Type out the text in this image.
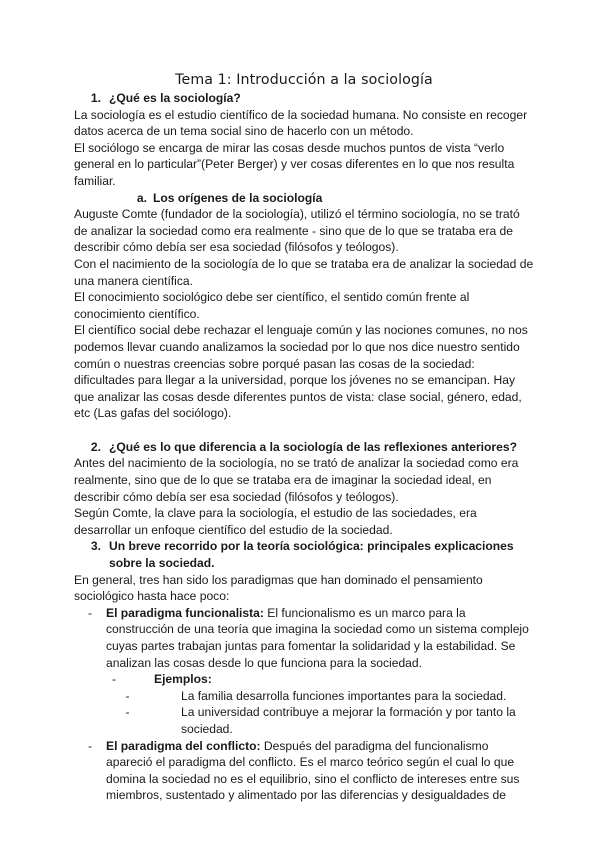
Tema 1: Introducción a la sociología
1. ¿Qué es la sociología?

La sociología es el estudio científico de la sociedad humana. No consiste en recoger datos acerca de un tema social sino de hacerlo con un método.

El sociólogo se encarga de mirar las cosas desde muchos puntos de vista “verlo general en lo particular”(Peter Berger) y ver cosas diferentes en lo que nos resulta familiar.

a. Los orígenes de la sociología

Auguste Comte (fundador de la sociología), utilizó el término sociología, no se trató de analizar la sociedad como era realmente - sino que de lo que se trataba era de describir cómo debía ser esa sociedad (filósofos y teólogos).

Con el nacimiento de la sociología de lo que se trataba era de analizar la sociedad de una manera científica.

El conocimiento sociológico debe ser científico, el sentido común frente al conocimiento científico.

El científico social debe rechazar el lenguaje común y las nociones comunes, no nos podemos llevar cuando analizamos la sociedad por lo que nos dice nuestro sentido común o nuestras creencias sobre porqué pasan las cosas de la sociedad: dificultades para llegar a la universidad, porque los jóvenes no se emancipan. Hay que analizar las cosas desde diferentes puntos de vista: clase social, género, edad, etc (Las gafas del sociólogo).

2. ¿Qué es lo que diferencia a la sociología de las reflexiones anteriores?

Antes del nacimiento de la sociología, no se trató de analizar la sociedad como era realmente, sino que de lo que se trataba era de imaginar la sociedad ideal, en describir cómo debía ser esa sociedad (filósofos y teólogos).

Según Comte, la clave para la sociología, el estudio de las sociedades, era desarrollar un enfoque científico del estudio de la sociedad.

3. Un breve recorrido por la teoría sociológica: principales explicaciones sobre la sociedad.

En general, tres han sido los paradigmas que han dominado el pensamiento sociológico hasta hace poco:

-	El paradigma funcionalista: El funcionalismo es un marco para la construcción de una teoría que imagina la sociedad como un sistema complejo cuyas partes trabajan juntas para fomentar la solidaridad y la estabilidad. Se analizan las cosas desde lo que funciona para la sociedad.
-	Ejemplos:
-	La familia desarrolla funciones importantes para la sociedad.
-	La universidad contribuye a mejorar la formación y por tanto la sociedad.
-	El paradigma del conflicto: Después del paradigma del funcionalismo apareció el paradigma del conflicto. Es el marco teórico según el cual lo que domina la sociedad no es el equilibrio, sino el conflicto de intereses entre sus miembros, sustentado y alimentado por las diferencias y desigualdades de
